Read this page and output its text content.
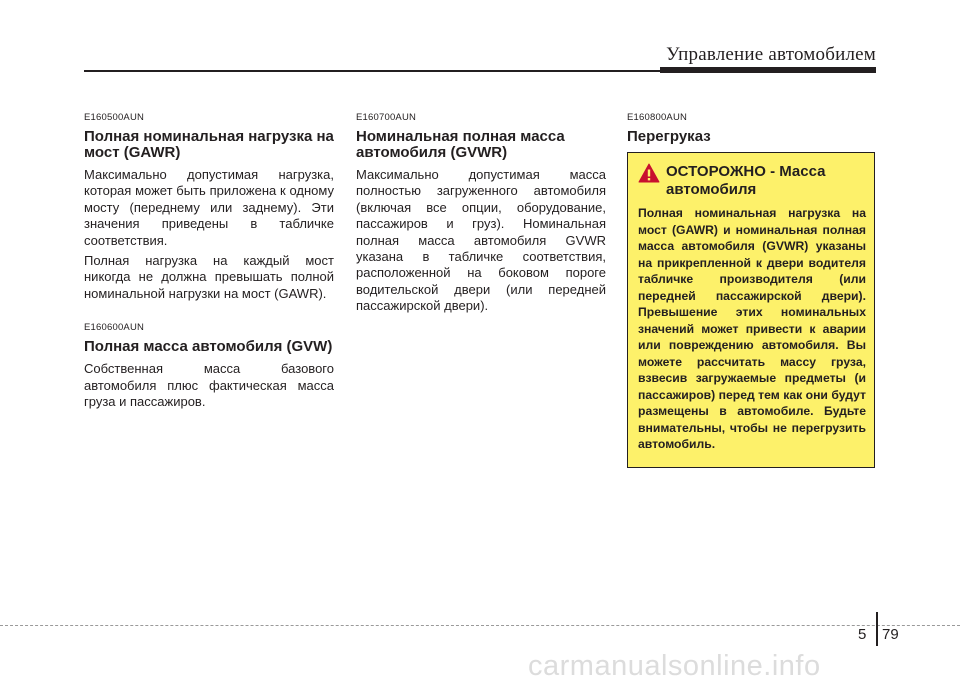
Управление автомобилем
E160500AUN
Полная номинальная нагрузка на мост (GAWR)

Максимально допустимая нагрузка, которая может быть приложена к одному мосту (переднему или заднему). Эти значения приведены в табличке соответствия.

Полная нагрузка на каждый мост никогда не должна превышать полной номинальной нагрузки на мост (GAWR).

E160600AUN
Полная масса автомобиля (GVW)

Собственная масса базового автомобиля плюс фактическая масса груза и пассажиров.

E160700AUN
Номинальная полная масса автомобиля (GVWR)

Максимально допустимая масса полностью загруженного автомобиля (включая все опции, оборудование, пассажиров и груз). Номинальная полная масса автомобиля GVWR указана в табличке соответствия, расположенной на боковом пороге водительской двери (или передней пассажирской двери).

E160800AUN
Перегруказ
ОСТОРОЖНО - Масса автомобиля
Полная номинальная нагрузка на мост (GAWR) и номинальная полная масса автомобиля (GVWR) указаны на прикрепленной к двери водителя табличке производителя (или передней пассажирской двери). Превышение этих номинальных значений может привести к аварии или повреждению автомобиля. Вы можете рассчитать массу груза, взвесив загружаемые предметы (и пассажиров) перед тем как они будут размещены в автомобиле. Будьте внимательны, чтобы не перегрузить автомобиль.
5 79
carmanualsonline.info
